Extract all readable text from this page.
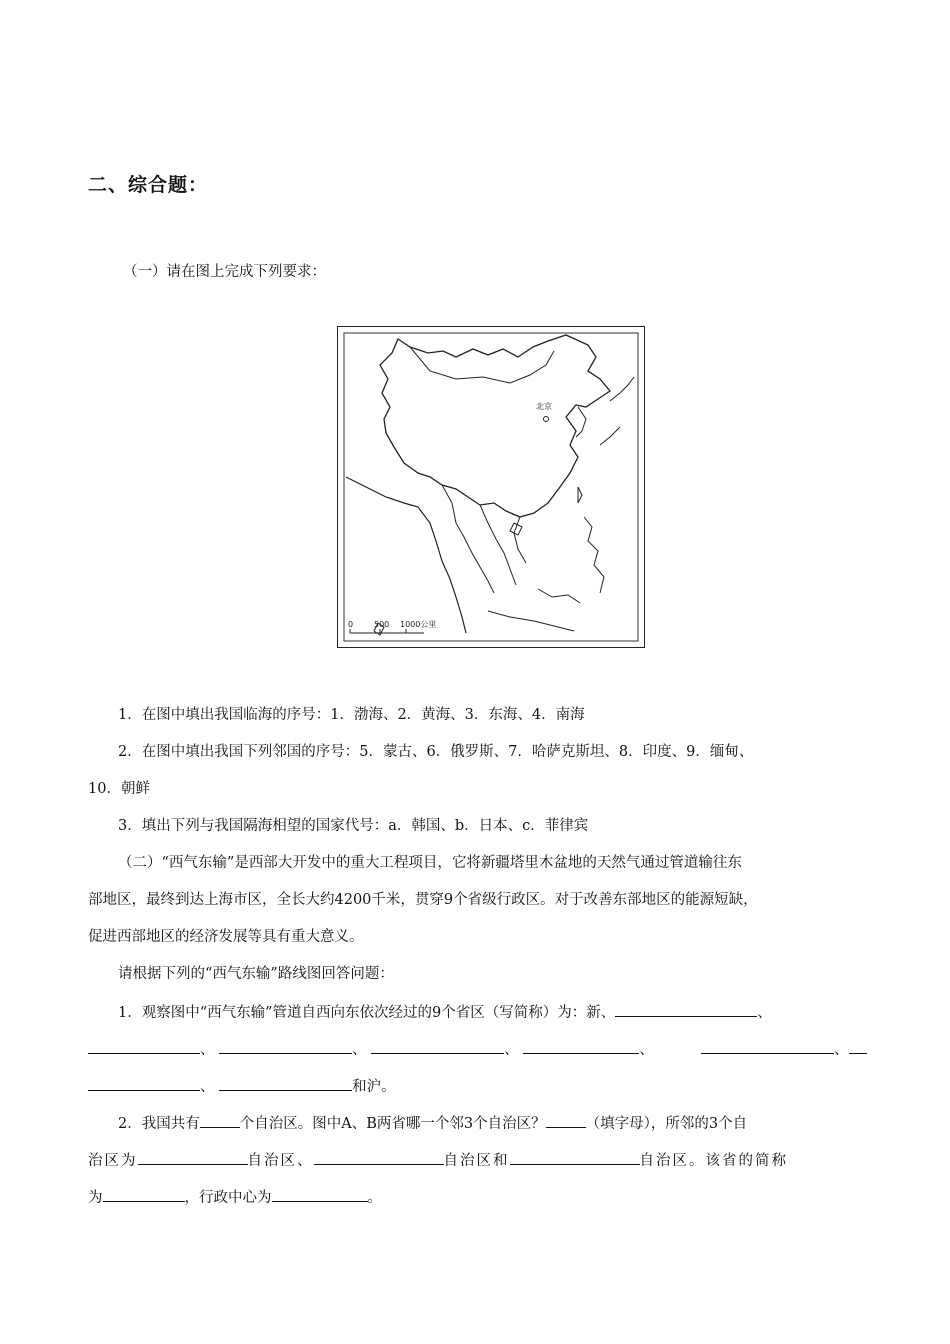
二、综合题：
（一）请在图上完成下列要求：
北京
0	500 1000公里
1．在图中填出我国临海的序号：1．渤海、2．黄海、3．东海、4．南海
2．在图中填出我国下列邻国的序号：5．蒙古、6．俄罗斯、7．哈萨克斯坦、8．印度、9．缅甸、
10．朝鲜
3．填出下列与我国隔海相望的国家代号：a．韩国、b．日本、c．菲律宾
（二）“西气东输”是西部大开发中的重大工程项目，它将新疆塔里木盆地的天然气通过管道输往东
部地区，最终到达上海市区，全长大约4200千米，贯穿9个省级行政区。对于改善东部地区的能源短缺，
促进西部地区的经济发展等具有重大意义。
请根据下列的“西气东输”路线图回答问题：
1．观察图中“西气东输”管道自西向东依次经过的9个省区（写简称）为：新、	、
、	、	、	、	、
、	和沪。
2．我国共有	个自治区。图中A、B两省哪一个邻3个自治区？	（填字母），所邻的3个自
治区为	自治区、	自治区和	自治区。该省的简称
为	，行政中心为	。
